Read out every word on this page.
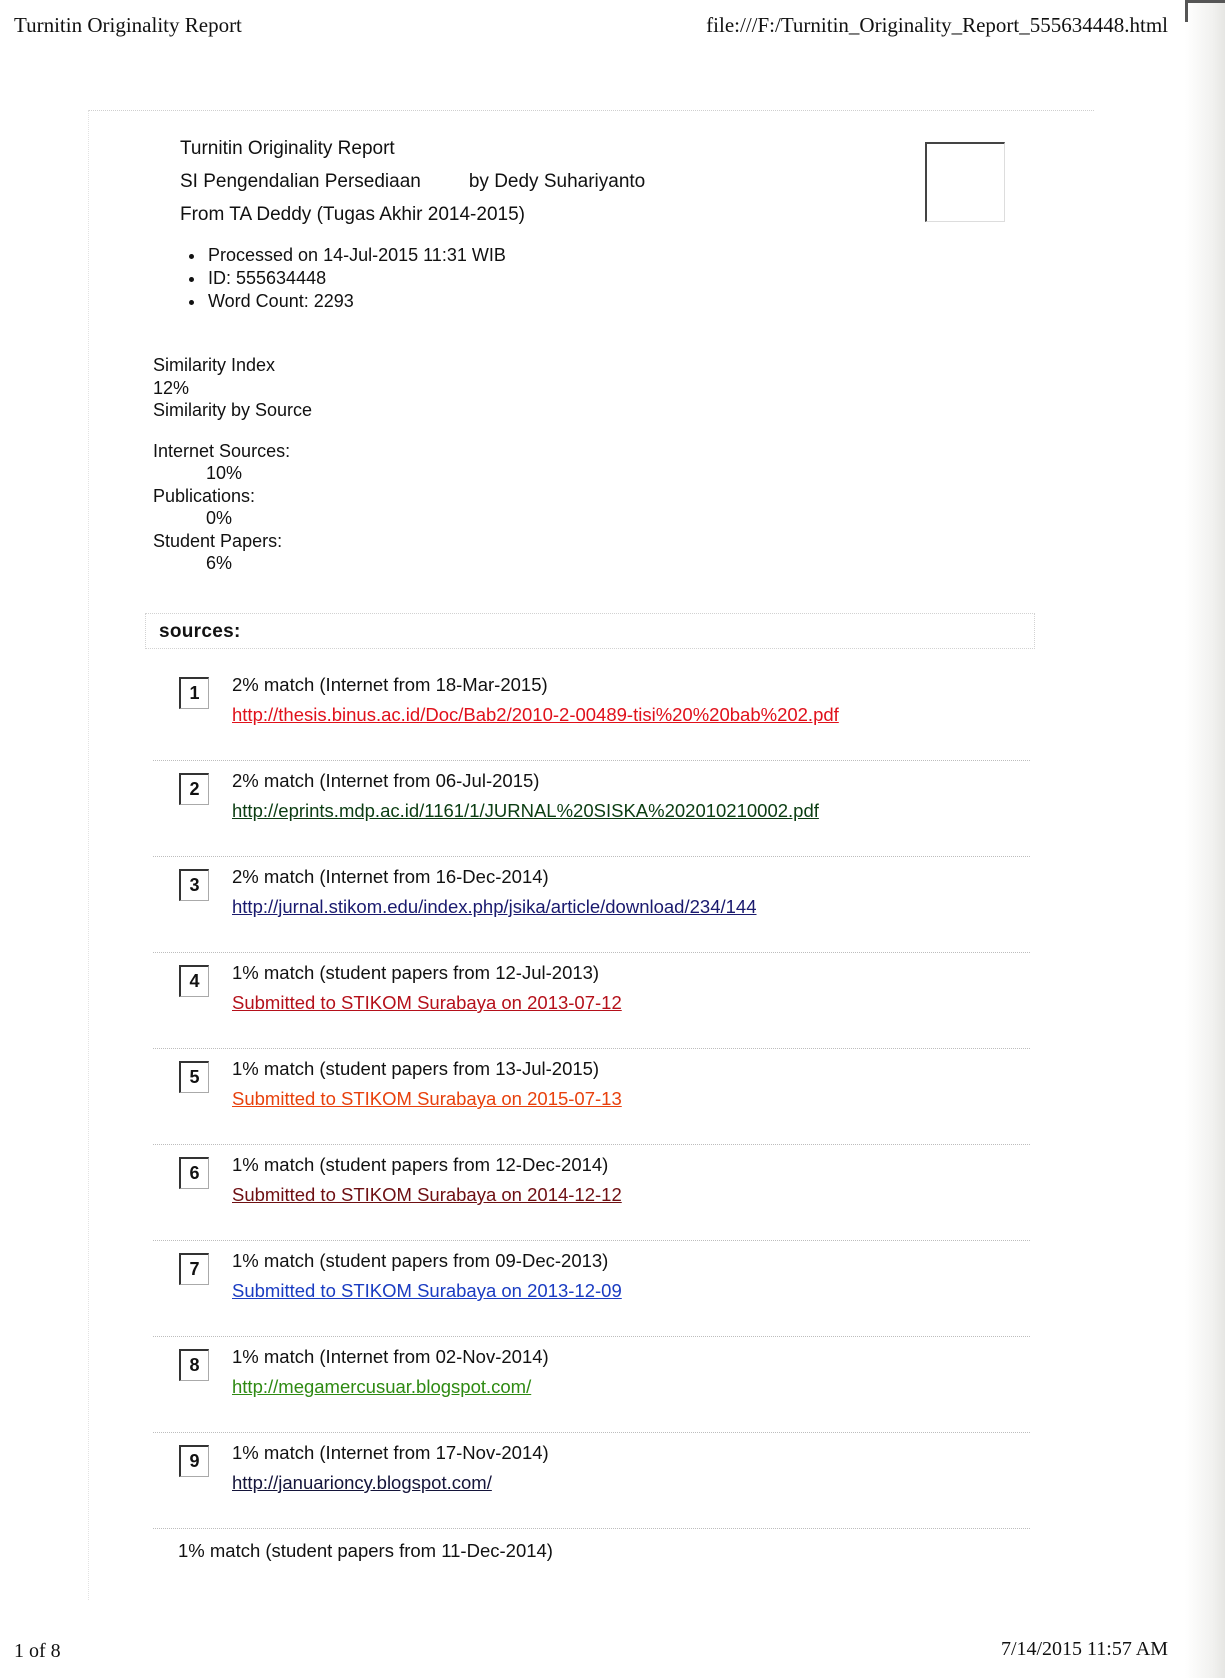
Turnitin Originality Report	file:///F:/Turnitin_Originality_Report_555634448.html
Turnitin Originality Report
SI Pengendalian Persediaan	by Dedy Suhariyanto
From TA Deddy (Tugas Akhir 2014-2015)
• Processed on 14-Jul-2015 11:31 WIB
• ID: 555634448
• Word Count: 2293
Similarity Index
12%
Similarity by Source
Internet Sources:
10%
Publications:
0%
Student Papers:
6%
sources:
1	2% match (Internet from 18-Mar-2015)
http://thesis.binus.ac.id/Doc/Bab2/2010-2-00489-tisi%20%20bab%202.pdf
2	2% match (Internet from 06-Jul-2015)
http://eprints.mdp.ac.id/1161/1/JURNAL%20SISKA%202010210002.pdf
3	2% match (Internet from 16-Dec-2014)
http://jurnal.stikom.edu/index.php/jsika/article/download/234/144
4	1% match (student papers from 12-Jul-2013)
Submitted to STIKOM Surabaya on 2013-07-12
5	1% match (student papers from 13-Jul-2015)
Submitted to STIKOM Surabaya on 2015-07-13
6	1% match (student papers from 12-Dec-2014)
Submitted to STIKOM Surabaya on 2014-12-12
7	1% match (student papers from 09-Dec-2013)
Submitted to STIKOM Surabaya on 2013-12-09
8	1% match (Internet from 02-Nov-2014)
http://megamercusuar.blogspot.com/
9	1% match (Internet from 17-Nov-2014)
http://januarioncy.blogspot.com/
1% match (student papers from 11-Dec-2014)
1 of 8	7/14/2015 11:57 AM
